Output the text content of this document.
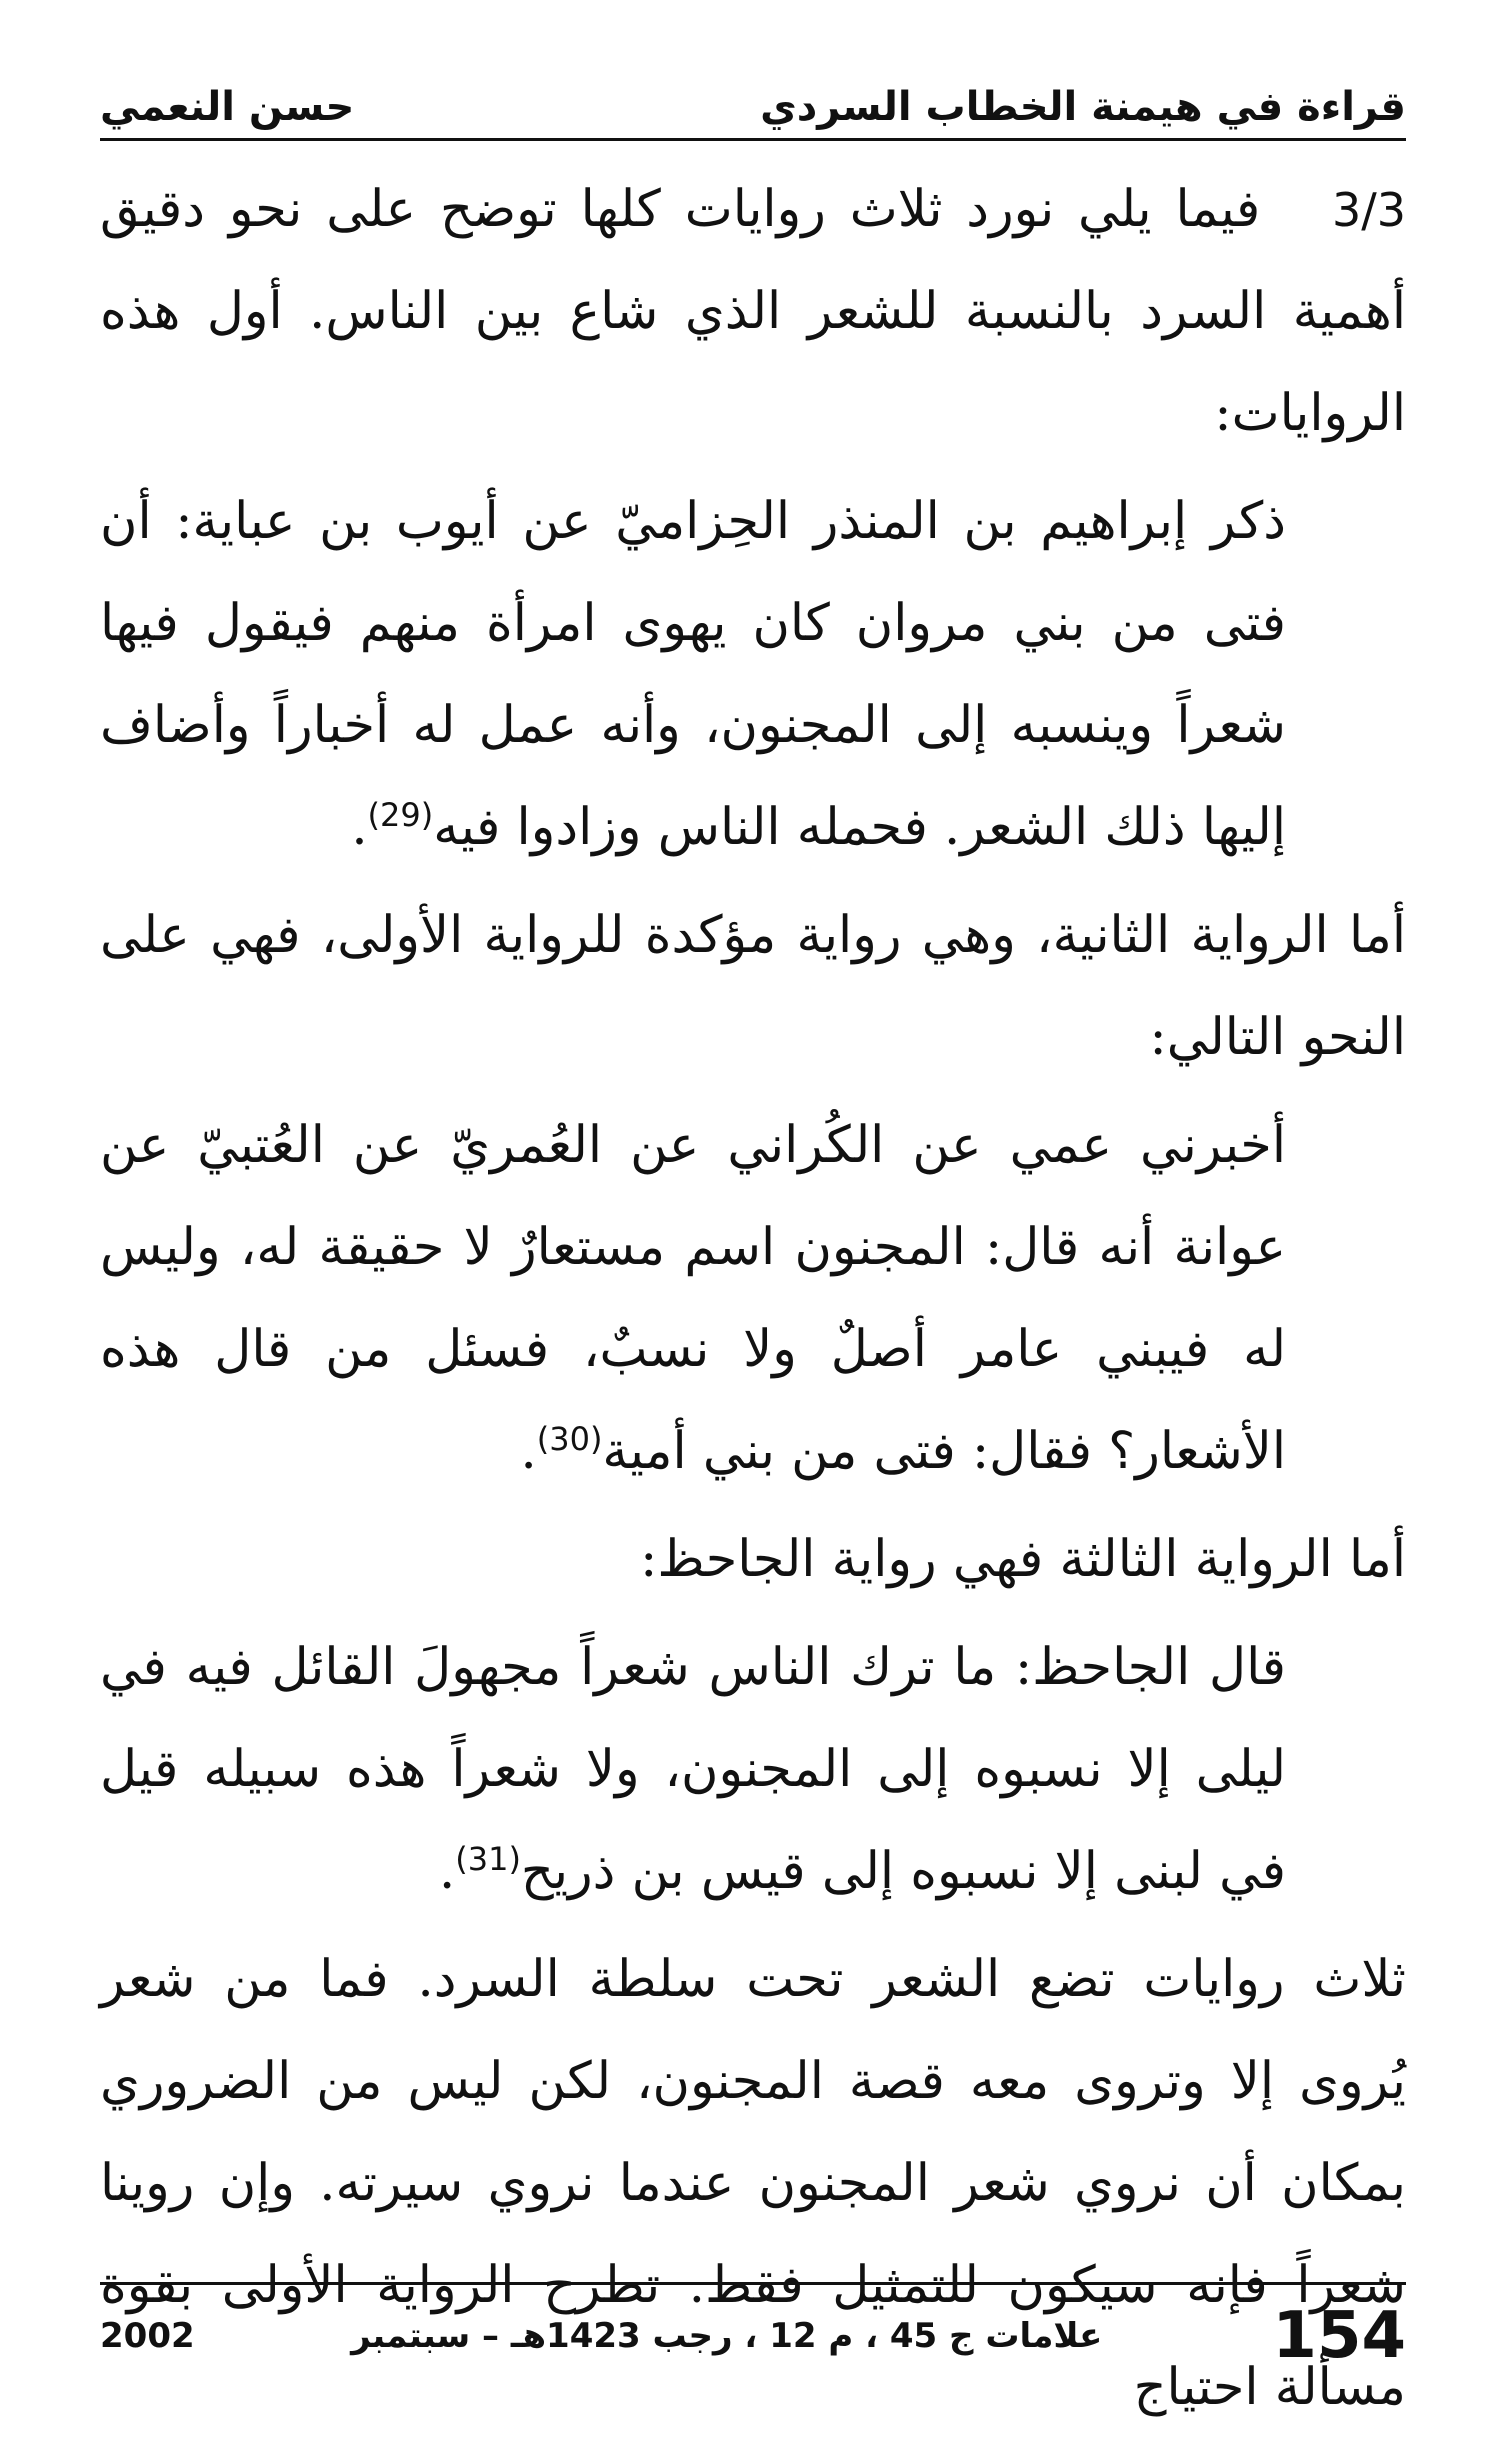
قراءة في هيمنة الخطاب السردي
حسن النعمي

3/3   فيما يلي نورد ثلاث روايات كلها توضح على نحو دقيق أهمية السرد بالنسبة للشعر الذي شاع بين الناس. أول هذه الروايات:

ذكر إبراهيم بن المنذر الحِزاميّ عن أيوب بن عباية: أن فتى من بني مروان كان يهوى امرأة منهم فيقول فيها شعراً وينسبه إلى المجنون، وأنه عمل له أخباراً وأضاف إليها ذلك الشعر. فحمله الناس وزادوا فيه$^{(29)}$.

أما الرواية الثانية، وهي رواية مؤكدة للرواية الأولى، فهي على النحو التالي:

أخبرني عمي عن الكُراني عن العُمريّ عن العُتبيّ عن عوانة أنه قال: المجنون اسم مستعارٌ لا حقيقة له، وليس له فيبني عامر أصلٌ ولا نسبٌ، فسئل من قال هذه الأشعار؟ فقال: فتى من بني أمية$^{(30)}$.

أما الرواية الثالثة فهي رواية الجاحظ:

قال الجاحظ: ما ترك الناس شعراً مجهولَ القائل فيه في ليلى إلا نسبوه إلى المجنون، ولا شعراً هذه سبيله قيل في لبنى إلا نسبوه إلى قيس بن ذريح$^{(31)}$.

ثلاث روايات تضع الشعر تحت سلطة السرد. فما من شعر يُروى إلا وتروى معه قصة المجنون، لكن ليس من الضروري بمكان أن نروي شعر المجنون عندما نروي سيرته. وإن روينا شعراً فإنه سيكون للتمثيل فقط. تطرح الرواية الأولى بقوة مسألة احتياج

علامات ج 45 ، م 12 ، رجب 1423هـ – سبتمبر
2002	154
